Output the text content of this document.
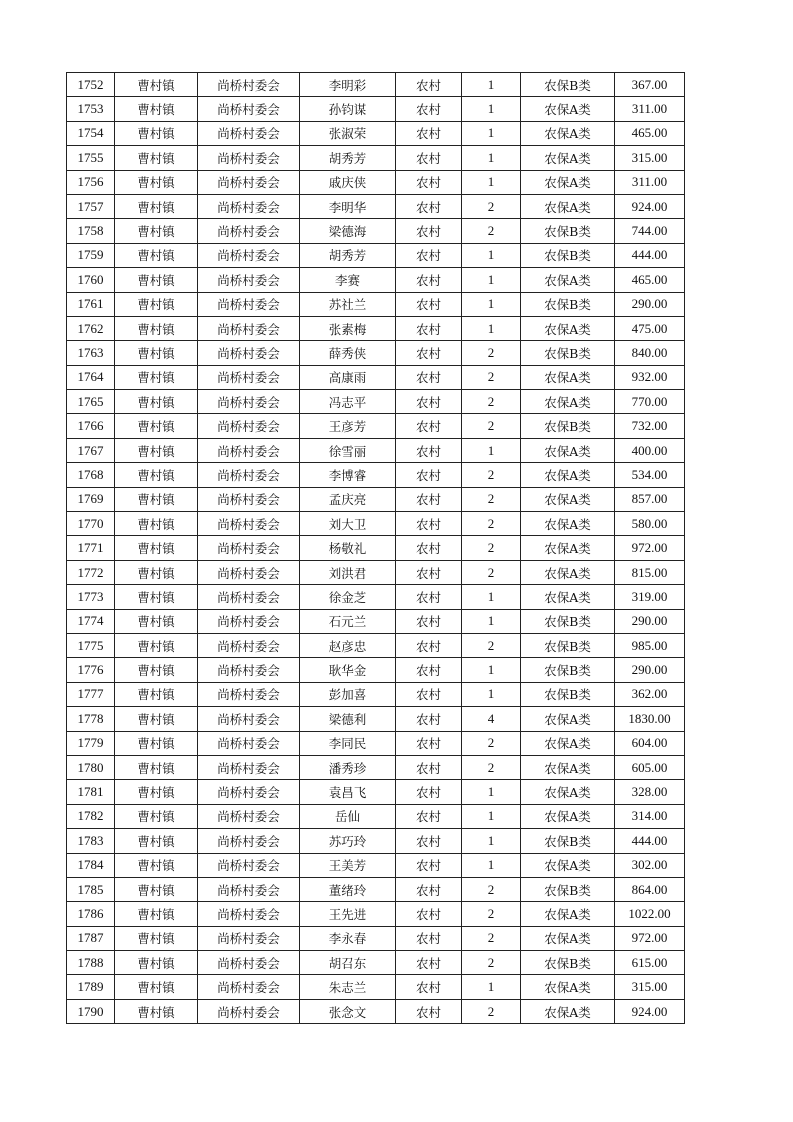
1752	曹村镇	尚桥村委会	李明彩	农村	1	农保B类	367.00
1753	曹村镇	尚桥村委会	孙钧谋	农村	1	农保A类	311.00
1754	曹村镇	尚桥村委会	张淑荣	农村	1	农保A类	465.00
1755	曹村镇	尚桥村委会	胡秀芳	农村	1	农保A类	315.00
1756	曹村镇	尚桥村委会	戚庆侠	农村	1	农保A类	311.00
1757	曹村镇	尚桥村委会	李明华	农村	2	农保A类	924.00
1758	曹村镇	尚桥村委会	梁德海	农村	2	农保B类	744.00
1759	曹村镇	尚桥村委会	胡秀芳	农村	1	农保B类	444.00
1760	曹村镇	尚桥村委会	李赛	农村	1	农保A类	465.00
1761	曹村镇	尚桥村委会	苏社兰	农村	1	农保B类	290.00
1762	曹村镇	尚桥村委会	张素梅	农村	1	农保A类	475.00
1763	曹村镇	尚桥村委会	薛秀侠	农村	2	农保B类	840.00
1764	曹村镇	尚桥村委会	高康雨	农村	2	农保A类	932.00
1765	曹村镇	尚桥村委会	冯志平	农村	2	农保A类	770.00
1766	曹村镇	尚桥村委会	王彦芳	农村	2	农保B类	732.00
1767	曹村镇	尚桥村委会	徐雪丽	农村	1	农保A类	400.00
1768	曹村镇	尚桥村委会	李博睿	农村	2	农保A类	534.00
1769	曹村镇	尚桥村委会	孟庆亮	农村	2	农保A类	857.00
1770	曹村镇	尚桥村委会	刘大卫	农村	2	农保A类	580.00
1771	曹村镇	尚桥村委会	杨敬礼	农村	2	农保A类	972.00
1772	曹村镇	尚桥村委会	刘洪君	农村	2	农保A类	815.00
1773	曹村镇	尚桥村委会	徐金芝	农村	1	农保A类	319.00
1774	曹村镇	尚桥村委会	石元兰	农村	1	农保B类	290.00
1775	曹村镇	尚桥村委会	赵彦忠	农村	2	农保B类	985.00
1776	曹村镇	尚桥村委会	耿华金	农村	1	农保B类	290.00
1777	曹村镇	尚桥村委会	彭加喜	农村	1	农保B类	362.00
1778	曹村镇	尚桥村委会	梁德利	农村	4	农保A类	1830.00
1779	曹村镇	尚桥村委会	李同民	农村	2	农保A类	604.00
1780	曹村镇	尚桥村委会	潘秀珍	农村	2	农保A类	605.00
1781	曹村镇	尚桥村委会	袁昌飞	农村	1	农保A类	328.00
1782	曹村镇	尚桥村委会	岳仙	农村	1	农保A类	314.00
1783	曹村镇	尚桥村委会	苏巧玲	农村	1	农保B类	444.00
1784	曹村镇	尚桥村委会	王美芳	农村	1	农保A类	302.00
1785	曹村镇	尚桥村委会	董绪玲	农村	2	农保B类	864.00
1786	曹村镇	尚桥村委会	王先进	农村	2	农保A类	1022.00
1787	曹村镇	尚桥村委会	李永春	农村	2	农保A类	972.00
1788	曹村镇	尚桥村委会	胡召东	农村	2	农保B类	615.00
1789	曹村镇	尚桥村委会	朱志兰	农村	1	农保A类	315.00
1790	曹村镇	尚桥村委会	张念文	农村	2	农保A类	924.00
